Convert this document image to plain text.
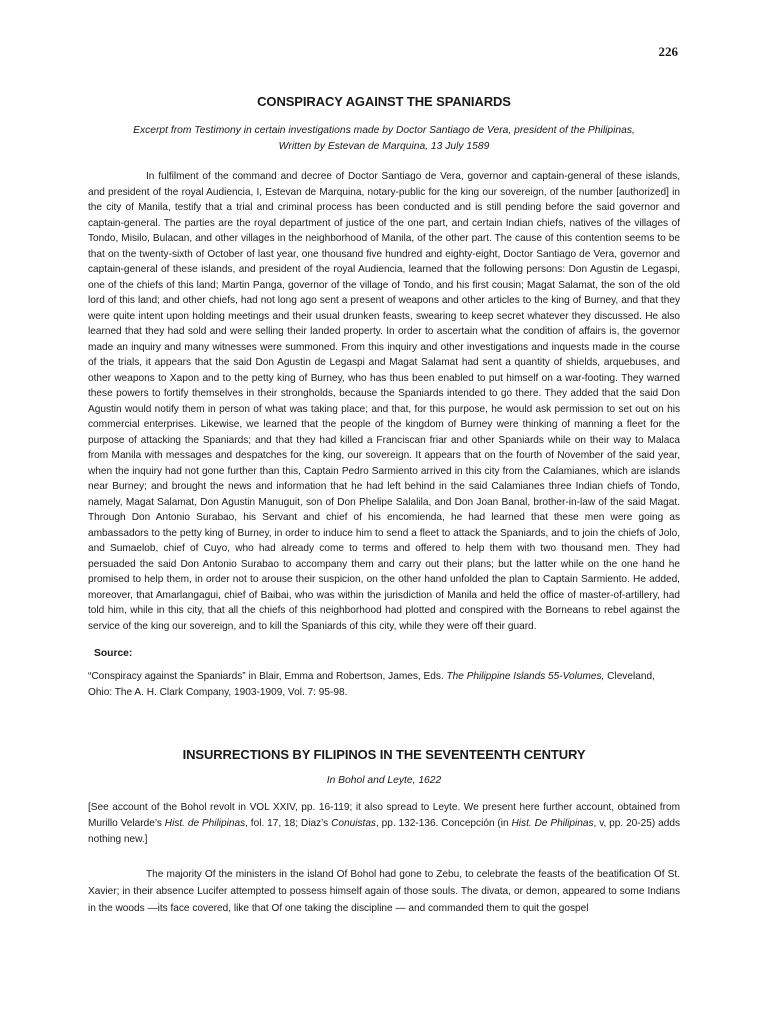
226
CONSPIRACY AGAINST THE SPANIARDS
Excerpt from Testimony in certain investigations made by Doctor Santiago de Vera, president of the Philipinas,
Written by Estevan de Marquina, 13 July 1589

In fulfilment of the command and decree of Doctor Santiago de Vera, governor and captain-general of these islands, and president of the royal Audiencia, I, Estevan de Marquina, notary-public for the king our sovereign, of the number [authorized] in the city of Manila, testify that a trial and criminal process has been conducted and is still pending before the said governor and captain-general. The parties are the royal department of justice of the one part, and certain Indian chiefs, natives of the villages of Tondo, Misilo, Bulacan, and other villages in the neighborhood of Manila, of the other part. The cause of this contention seems to be that on the twenty-sixth of October of last year, one thousand five hundred and eighty-eight, Doctor Santiago de Vera, governor and captain-general of these islands, and president of the royal Audiencia, learned that the following persons: Don Agustin de Legaspi, one of the chiefs of this land; Martin Panga, governor of the village of Tondo, and his first cousin; Magat Salamat, the son of the old lord of this land; and other chiefs, had not long ago sent a present of weapons and other articles to the king of Burney, and that they were quite intent upon holding meetings and their usual drunken feasts, swearing to keep secret whatever they discussed. He also learned that they had sold and were selling their landed property. In order to ascertain what the condition of affairs is, the governor made an inquiry and many witnesses were summoned. From this inquiry and other investigations and inquests made in the course of the trials, it appears that the said Don Agustin de Legaspi and Magat Salamat had sent a quantity of shields, arquebuses, and other weapons to Xapon and to the petty king of Burney, who has thus been enabled to put himself on a war-footing. They warned these powers to fortify themselves in their strongholds, because the Spaniards intended to go there. They added that the said Don Agustin would notify them in person of what was taking place; and that, for this purpose, he would ask permission to set out on his commercial enterprises. Likewise, we learned that the people of the kingdom of Burney were thinking of manning a fleet for the purpose of attacking the Spaniards; and that they had killed a Franciscan friar and other Spaniards while on their way to Malaca from Manila with messages and despatches for the king, our sovereign. It appears that on the fourth of November of the said year, when the inquiry had not gone further than this, Captain Pedro Sarmiento arrived in this city from the Calamianes, which are islands near Burney; and brought the news and information that he had left behind in the said Calamianes three Indian chiefs of Tondo, namely, Magat Salamat, Don Agustin Manuguit, son of Don Phelipe Salalila, and Don Joan Banal, brother-in-law of the said Magat. Through Don Antonio Surabao, his Servant and chief of his encomienda, he had learned that these men were going as ambassadors to the petty king of Burney, in order to induce him to send a fleet to attack the Spaniards, and to join the chiefs of Jolo, and Sumaelob, chief of Cuyo, who had already come to terms and offered to help them with two thousand men. They had persuaded the said Don Antonio Surabao to accompany them and carry out their plans; but the latter while on the one hand he promised to help them, in order not to arouse their suspicion, on the other hand unfolded the plan to Captain Sarmiento. He added, moreover, that Amarlangagui, chief of Baibai, who was within the jurisdiction of Manila and held the office of master-of-artillery, had told him, while in this city, that all the chiefs of this neighborhood had plotted and conspired with the Borneans to rebel against the service of the king our sovereign, and to kill the Spaniards of this city, while they were off their guard.

Source:

“Conspiracy against the Spaniards” in Blair, Emma and Robertson, James, Eds. The Philippine Islands 55-Volumes, Cleveland, Ohio: The A. H. Clark Company, 1903-1909, Vol. 7: 95-98.

INSURRECTIONS BY FILIPINOS IN THE SEVENTEENTH CENTURY
In Bohol and Leyte, 1622

[See account of the Bohol revolt in VOL XXIV, pp. 16-119; it also spread to Leyte. We present here further account, obtained from Murillo Velarde’s Hist. de Philipinas, fol. 17, 18; Diaz’s Conuistas, pp. 132-136. Concepción (in Hist. De Philipinas, v, pp. 20-25) adds nothing new.]

The majority Of the ministers in the island Of Bohol had gone to Zebu, to celebrate the feasts of the beatification Of St. Xavier; in their absence Lucifer attempted to possess himself again of those souls. The divata, or demon, appeared to some Indians in the woods —its face covered, like that Of one taking the discipline — and commanded them to quit the gospel
